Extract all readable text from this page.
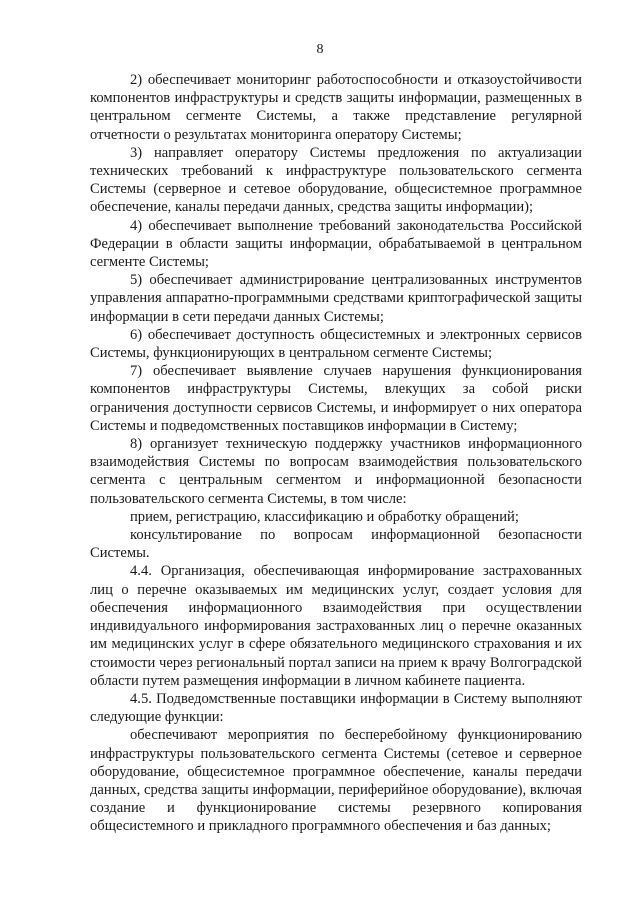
8

2) обеспечивает мониторинг работоспособности и отказоустойчивости компонентов инфраструктуры и средств защиты информации, размещенных в центральном сегменте Системы, а также представление регулярной отчетности о результатах мониторинга оператору Системы;

3) направляет оператору Системы предложения по актуализации технических требований к инфраструктуре пользовательского сегмента Системы (серверное и сетевое оборудование, общесистемное программное обеспечение, каналы передачи данных, средства защиты информации);

4) обеспечивает выполнение требований законодательства Российской Федерации в области защиты информации, обрабатываемой в центральном сегменте Системы;

5) обеспечивает администрирование централизованных инструментов управления аппаратно-программными средствами криптографической защиты информации в сети передачи данных Системы;

6) обеспечивает доступность общесистемных и электронных сервисов Системы, функционирующих в центральном сегменте Системы;

7) обеспечивает выявление случаев нарушения функционирования компонентов инфраструктуры Системы, влекущих за собой риски ограничения доступности сервисов Системы, и информирует о них оператора Системы и подведомственных поставщиков информации в Систему;

8) организует техническую поддержку участников информационного взаимодействия Системы по вопросам взаимодействия пользовательского сегмента с центральным сегментом и информационной безопасности пользовательского сегмента Системы, в том числе:

прием, регистрацию, классификацию и обработку обращений;

консультирование по вопросам информационной безопасности Системы.

4.4. Организация, обеспечивающая информирование застрахованных лиц о перечне оказываемых им медицинских услуг, создает условия для обеспечения информационного взаимодействия при осуществлении индивидуального информирования застрахованных лиц о перечне оказанных им медицинских услуг в сфере обязательного медицинского страхования и их стоимости через региональный портал записи на прием к врачу Волгоградской области путем размещения информации в личном кабинете пациента.

4.5. Подведомственные поставщики информации в Систему выполняют следующие функции:

обеспечивают мероприятия по бесперебойному функционированию инфраструктуры пользовательского сегмента Системы (сетевое и серверное оборудование, общесистемное программное обеспечение, каналы передачи данных, средства защиты информации, периферийное оборудование), включая создание и функционирование системы резервного копирования общесистемного и прикладного программного обеспечения и баз данных;
